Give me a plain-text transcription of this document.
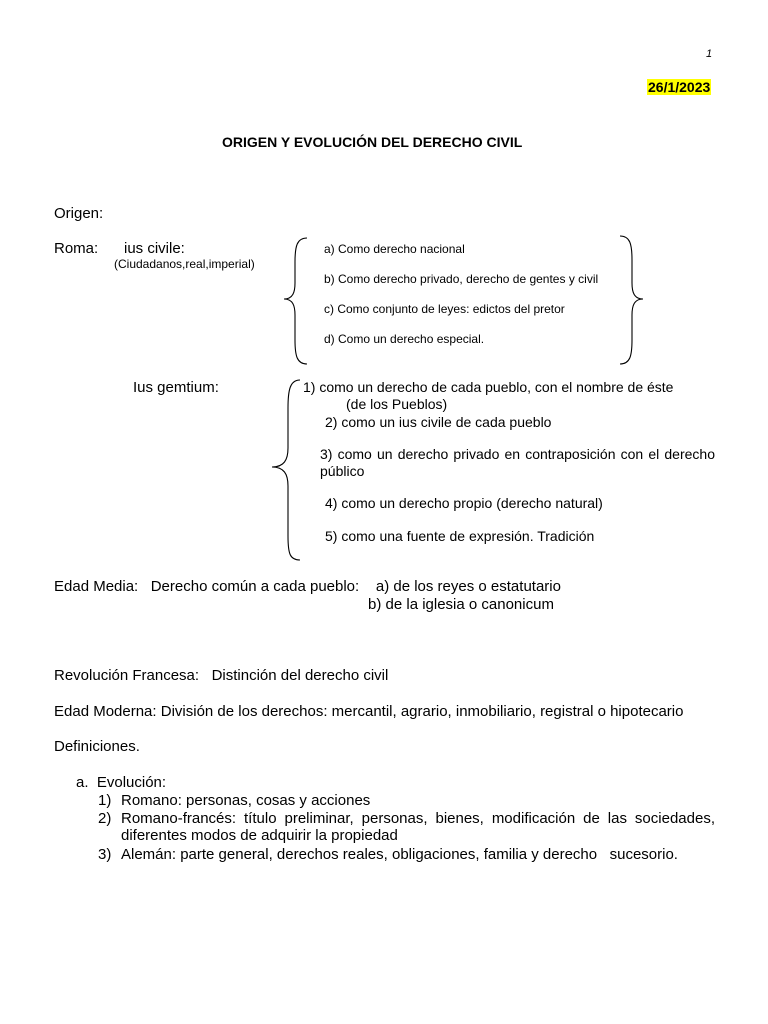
1
26/1/2023
ORIGEN Y EVOLUCIÓN DEL DERECHO CIVIL
Origen:
Roma: ius civile:
(Ciudadanos,real,imperial)
a) Como derecho nacional
b) Como derecho privado, derecho de gentes y civil
c) Como conjunto de leyes: edictos del pretor
d) Como un derecho especial.
Ius gemtium:	1) como un derecho de cada pueblo, con el nombre de éste
(de los Pueblos)
2) como un ius civile de cada pueblo
3) como un derecho privado en contraposición con el derecho
público
4) como un derecho propio (derecho natural)
5) como una fuente de expresión. Tradición
Edad Media:   Derecho común a cada pueblo:    a) de los reyes o estatutario
b) de la iglesia o canonicum
Revolución Francesa:   Distinción del derecho civil
Edad Moderna: División de los derechos: mercantil, agrario, inmobiliario, registral o hipotecario
Definiciones.
a.  Evolución:
1) Romano: personas, cosas y acciones
2) Romano-francés: título preliminar, personas, bienes, modificación de las sociedades,
diferentes modos de adquirir la propiedad
3) Alemán: parte general, derechos reales, obligaciones, familia y derecho   sucesorio.
